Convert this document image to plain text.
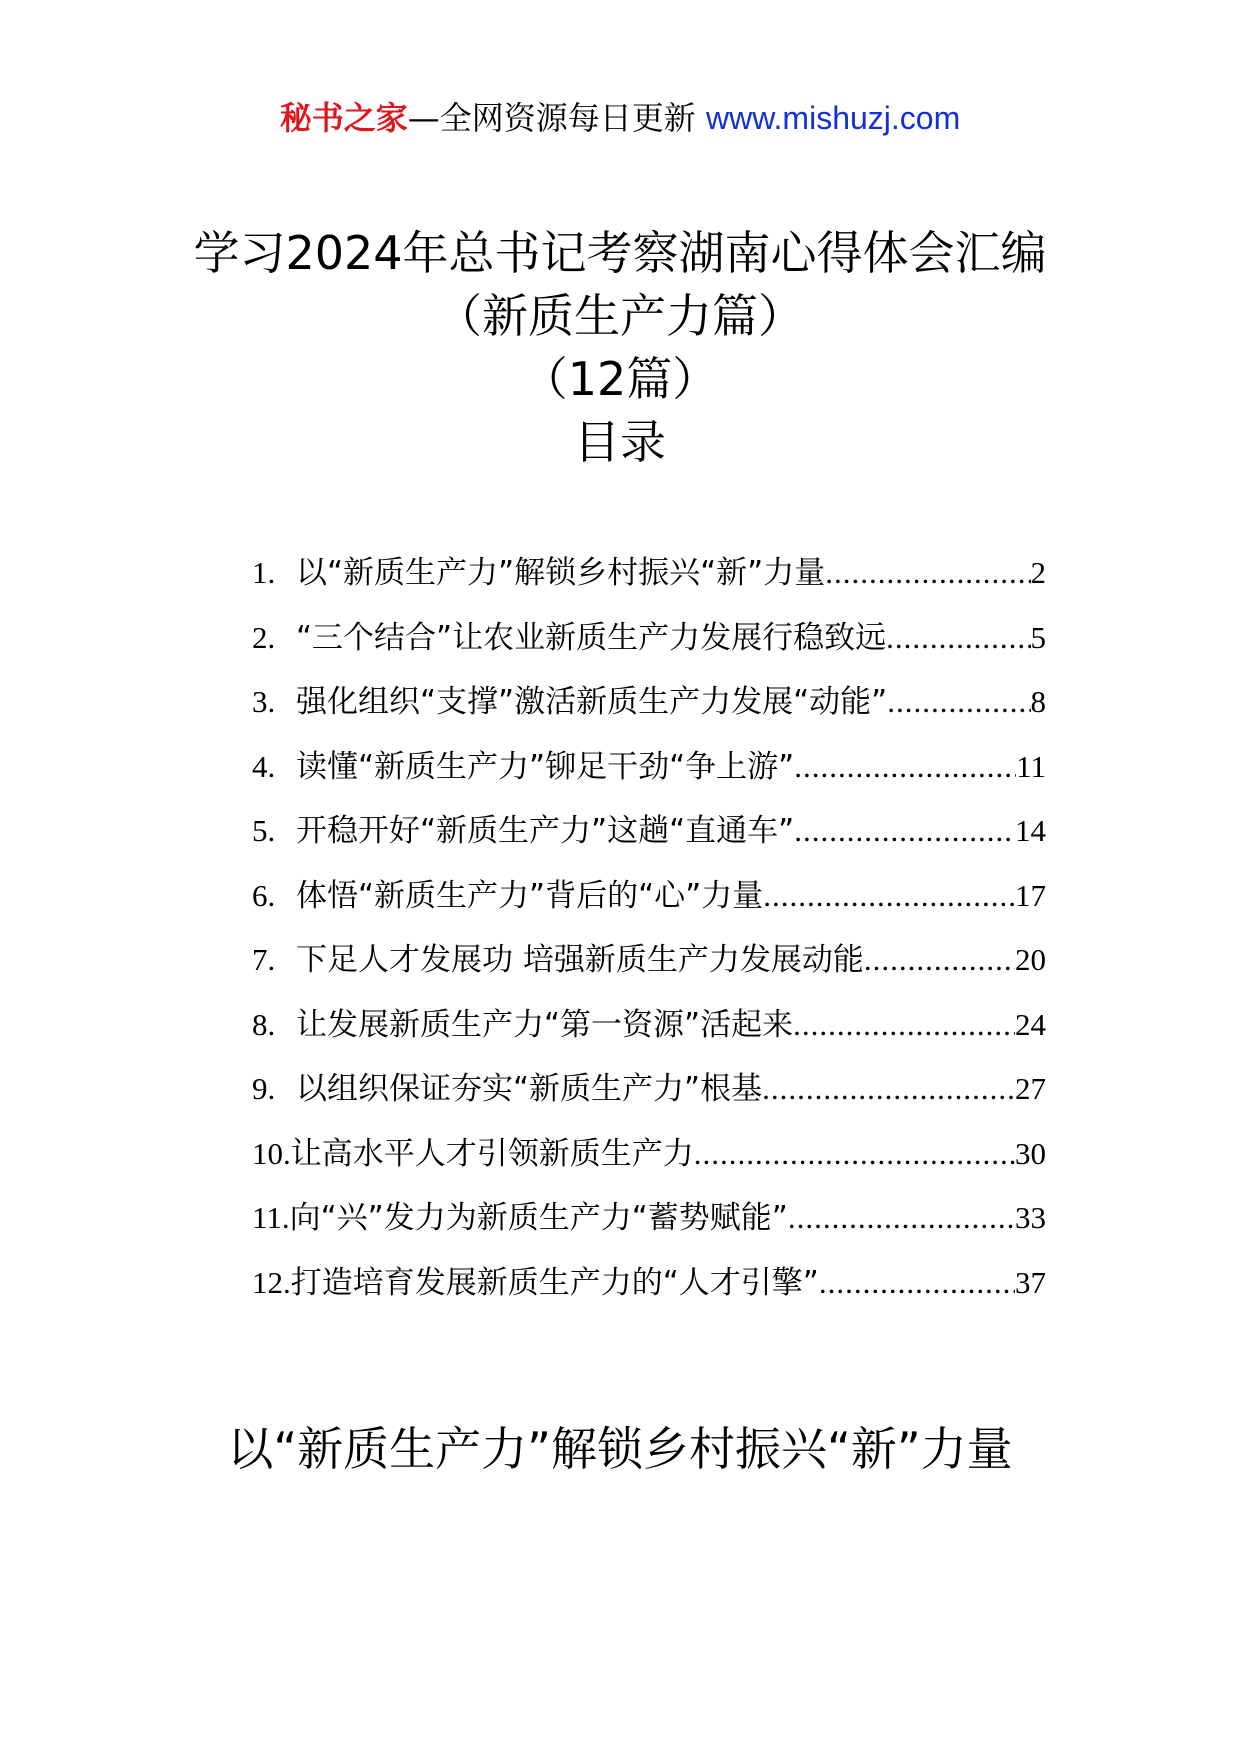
秘书之家—全网资源每日更新 www.mishuzj.com
学习2024年总书记考察湖南心得体会汇编
（新质生产力篇）
（12篇）
目录
1. 以“新质生产力”解锁乡村振兴“新”力量 .....	2
2. “三个结合”让农业新质生产力发展行稳致远 .....	5
3. 强化组织“支撑”激活新质生产力发展“动能” .....	8
4. 读懂“新质生产力”铆足干劲“争上游” .....	11
5. 开稳开好“新质生产力”这趟“直通车” .....	14
6. 体悟“新质生产力”背后的“心”力量 .....	17
7. 下足人才发展功 培强新质生产力发展动能 .....	20
8. 让发展新质生产力“第一资源”活起来 .....	24
9. 以组织保证夯实“新质生产力”根基 .....	27
10. 让高水平人才引领新质生产力 .....	30
11. 向“兴”发力为新质生产力“蓄势赋能” .....	33
12. 打造培育发展新质生产力的“人才引擎” .....	37
以“新质生产力”解锁乡村振兴“新”力量
